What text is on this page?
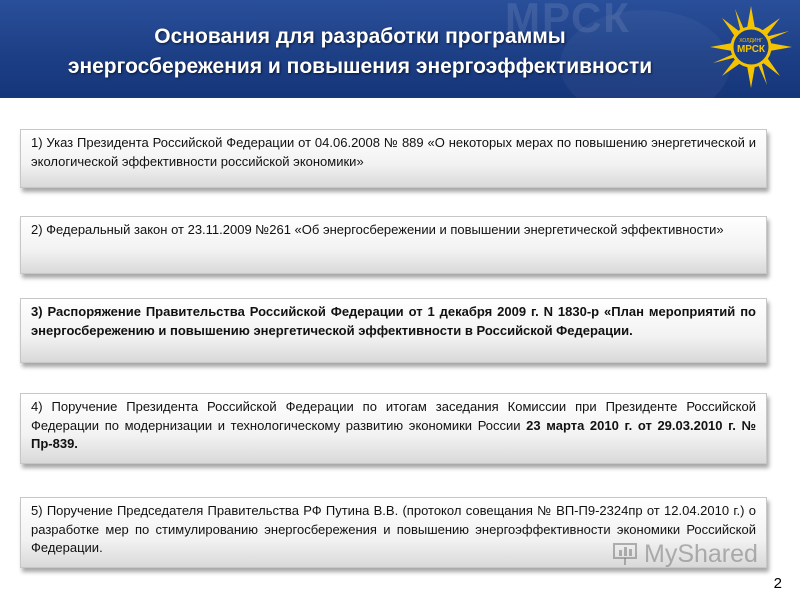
МРСК
Основания для разработки программы
энергосбережения и повышения энергоэффективности
ХОЛДИНГ
МРСК
1) Указ Президента Российской Федерации от 04.06.2008 № 889 «О некоторых мерах по повышению энергетической и экологической эффективности российской экономики»
2) Федеральный закон от 23.11.2009 №261 «Об энергосбережении и повышении энергетической эффективности»
3) Распоряжение Правительства Российской Федерации от 1 декабря 2009 г. N 1830-р «План мероприятий по энергосбережению и повышению энергетической эффективности в Российской Федерации.
4) Поручение Президента Российской Федерации по итогам заседания Комиссии при Президенте Российской Федерации по модернизации и технологическому развитию экономики России 23 марта 2010 г. от 29.03.2010 г. № Пр-839.
5) Поручение Председателя Правительства РФ Путина В.В. (протокол совещания № ВП-П9-2324пр от 12.04.2010 г.) о разработке мер по стимулированию энергосбережения и повышению энергоэффективности экономики Российской Федерации.	MyShared
2
